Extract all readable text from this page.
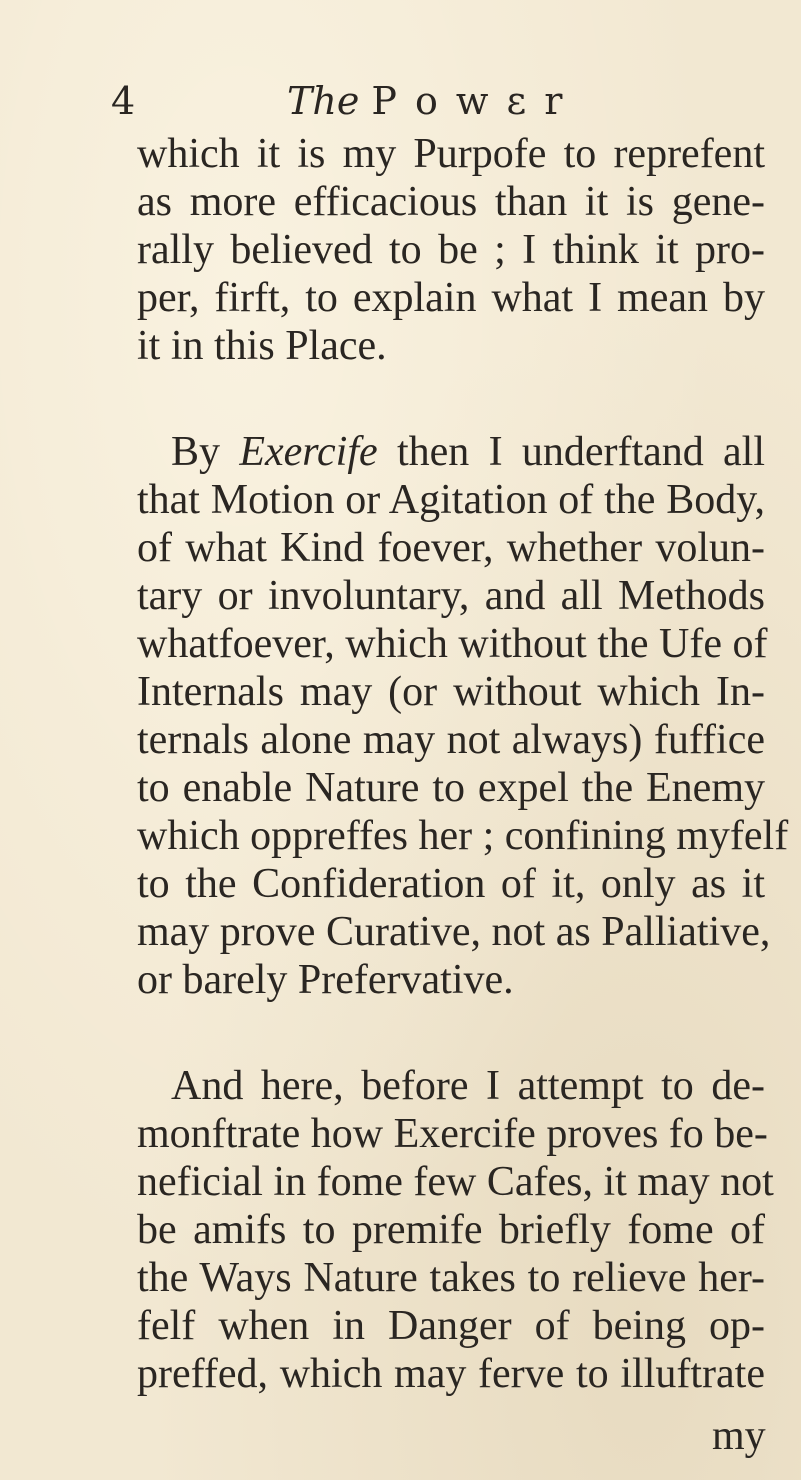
4	The P o w ɛ r
which it is my Purpofe to reprefent
as more efficacious than it is gene-
rally believed to be ; I think it pro-
per, firft, to explain what I mean by
it in this Place.
By Exercife then I underftand all
that Motion or Agitation of the Body,
of what Kind foever, whether volun-
tary or involuntary, and all Methods
whatfoever, which without the Ufe of
Internals may (or without which In-
ternals alone may not always) fuffice
to enable Nature to expel the Enemy
which oppreffes her ; confining myfelf
to the Confideration of it, only as it
may prove Curative, not as Palliative,
or barely Prefervative.
And here, before I attempt to de-
monftrate how Exercife proves fo be-
neficial in fome few Cafes, it may not
be amifs to premife briefly fome of
the Ways Nature takes to relieve her-
felf when in Danger of being op-
preffed, which may ferve to illuftrate
my
